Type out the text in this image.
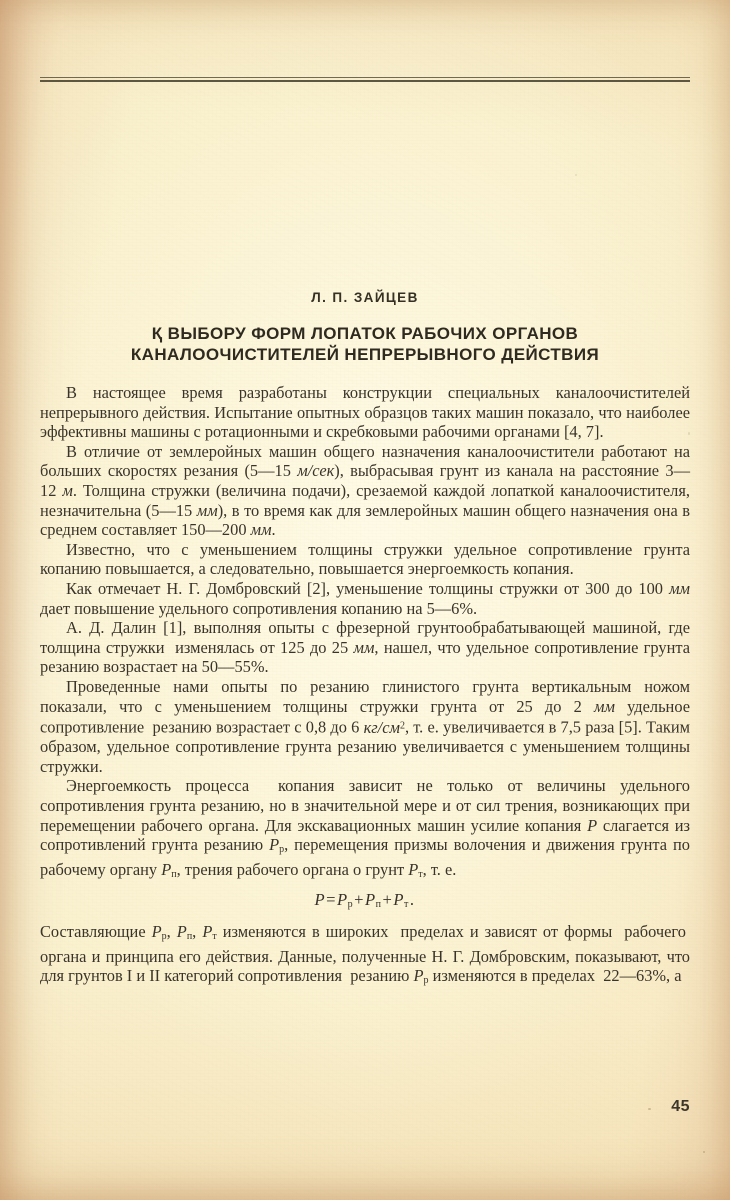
Л. П. ЗАЙЦЕВ
Қ ВЫБОРУ ФОРМ ЛОПАТОК РАБОЧИХ ОРГАНОВ
КАНАЛООЧИСТИТЕЛЕЙ НЕПРЕРЫВНОГО ДЕЙСТВИЯ

В настоящее время разработаны конструкции специальных каналоочистителей непрерывного действия. Испытание опытных образцов таких машин показало, что наиболее эффективны машины с ротационными и скребковыми рабочими органами [4, 7].

В отличие от землеройных машин общего назначения каналоочистители работают на больших скоростях резания (5—15 м/сек), выбрасывая грунт из канала на расстояние 3—12 м. Толщина стружки (величина подачи), срезаемой каждой лопаткой каналоочистителя, незначительна (5—15 мм), в то время как для землеройных машин общего назначения она в среднем составляет 150—200 мм.

Известно, что с уменьшением толщины стружки удельное сопротивление грунта копанию повышается, а следовательно, повышается энергоемкость копания.

Как отмечает Н. Г. Домбровский [2], уменьшение толщины стружки от 300 до 100 мм дает повышение удельного сопротивления копанию на 5—6%.

А. Д. Далин [1], выполняя опыты с фрезерной грунтообрабатывающей машиной, где толщина стружки  изменялась от 125 до 25 мм, нашел, что удельное сопротивление грунта резанию возрастает на 50—55%.

Проведенные нами опыты по резанию глинистого грунта вертикальным ножом показали, что с уменьшением толщины стружки грунта от 25 до 2 мм удельное сопротивление  резанию возрастает с 0,8 до 6 $кг/см^2$, т. е. увеличивается в 7,5 раза [5]. Таким образом, удельное сопротивление грунта резанию увеличивается с уменьшением толщины стружки.

Энергоемкость процесса  копания зависит не только от величины удельного сопротивления грунта резанию, но в значительной мере и от сил трения, возникающих при перемещении рабочего органа. Для экскавационных машин усилие копания P слагается из сопротивлений грунта резанию $P_р$, перемещения призмы волочения и движения грунта по рабочему органу $P_п$, трения рабочего органа о грунт $P_т$, т. е.

$P=P_р+P_п+P_т$.

Составляющие $P_р$, $P_п$, $P_т$ изменяются в широких  пределах и зависят от формы  рабочего  органа и принципа его действия. Данные, полученные Н. Г. Домбровским, показывают, что для грунтов I и II категорий сопротивления  резанию $P_р$ изменяются в пределах  22—63%, а

45
